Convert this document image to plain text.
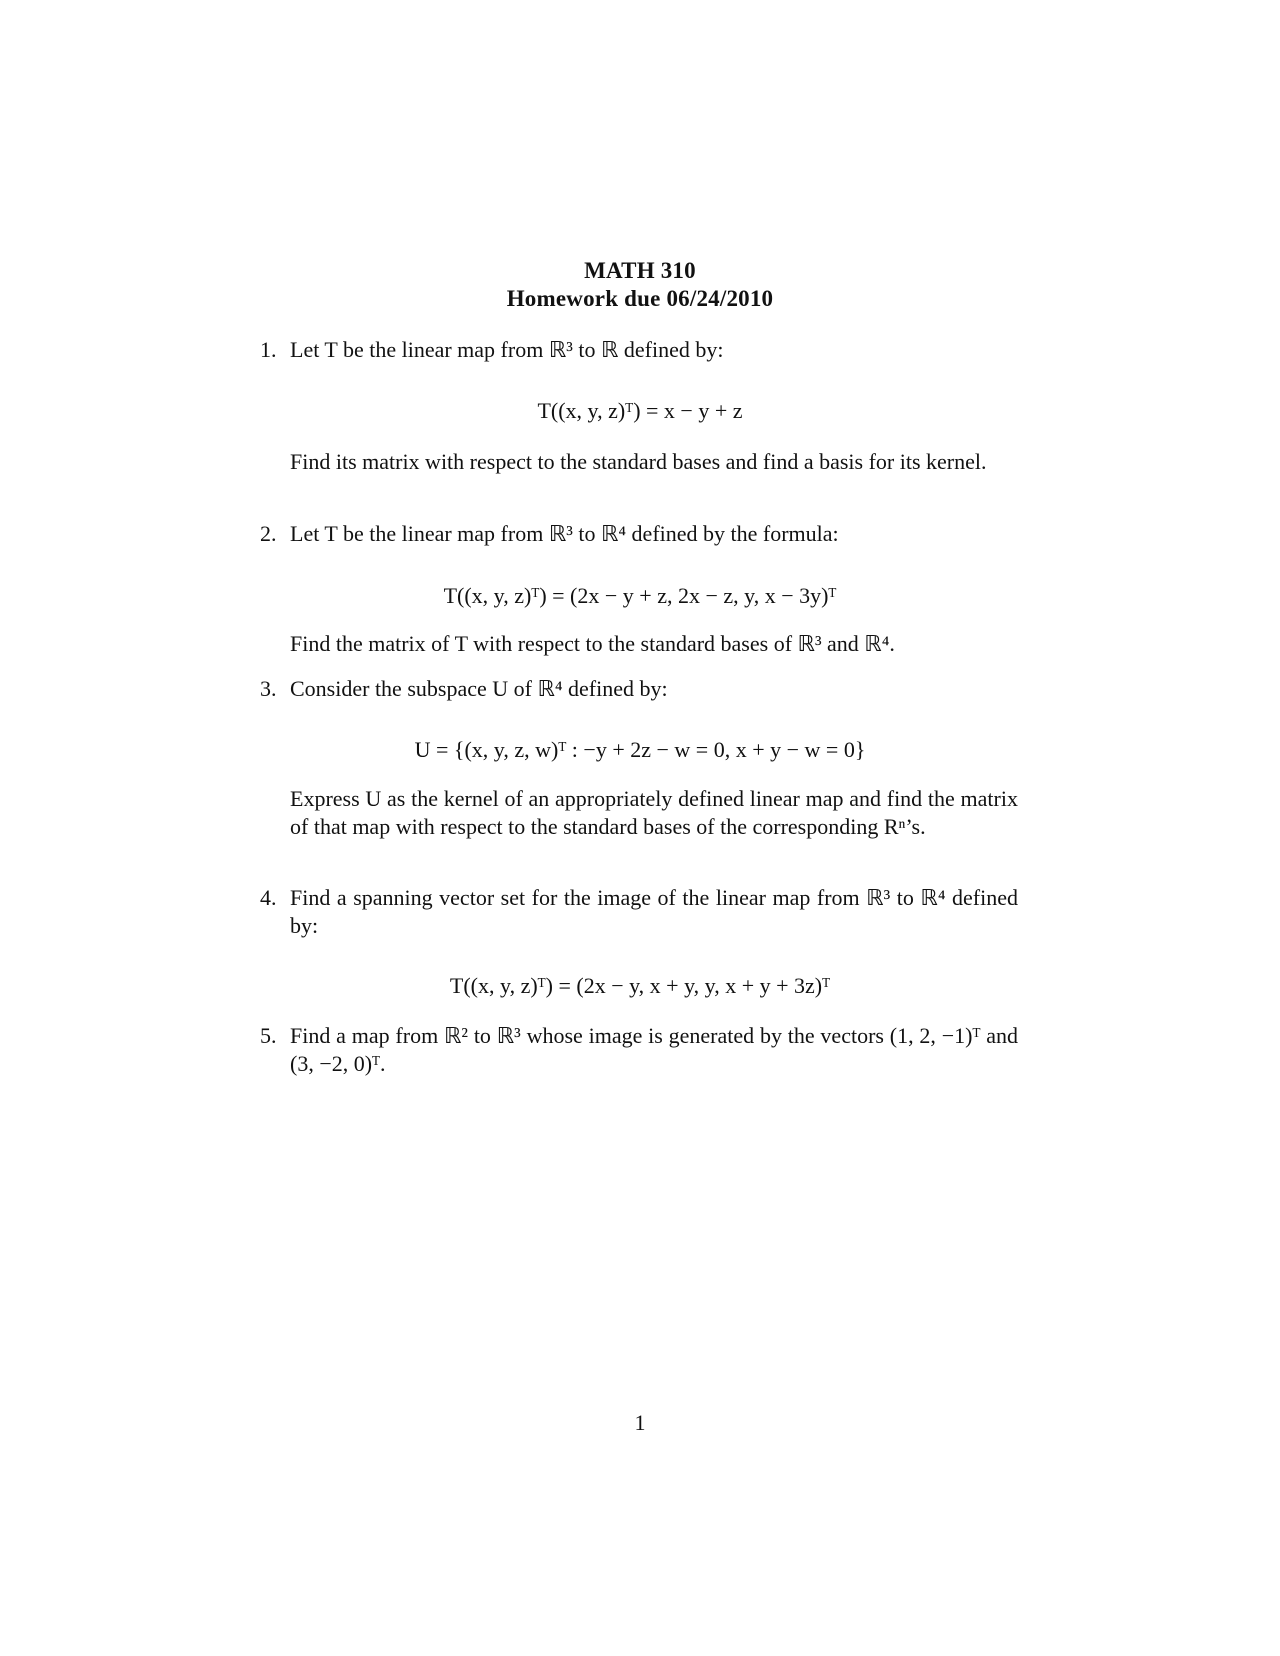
MATH 310
Homework due 06/24/2010
1. Let T be the linear map from ℝ³ to ℝ defined by:
T((x, y, z)ᵀ) = x − y + z
Find its matrix with respect to the standard bases and find a basis for its kernel.
2. Let T be the linear map from ℝ³ to ℝ⁴ defined by the formula:
T((x, y, z)ᵀ) = (2x − y + z, 2x − z, y, x − 3y)ᵀ
Find the matrix of T with respect to the standard bases of ℝ³ and ℝ⁴.
3. Consider the subspace U of ℝ⁴ defined by:
U = {(x, y, z, w)ᵀ : −y + 2z − w = 0, x + y − w = 0}
Express U as the kernel of an appropriately defined linear map and find the matrix of that map with respect to the standard bases of the corresponding Rⁿ’s.
4. Find a spanning vector set for the image of the linear map from ℝ³ to ℝ⁴ defined by:
T((x, y, z)ᵀ) = (2x − y, x + y, y, x + y + 3z)ᵀ
5. Find a map from ℝ² to ℝ³ whose image is generated by the vectors (1, 2, −1)ᵀ and (3, −2, 0)ᵀ.
1
